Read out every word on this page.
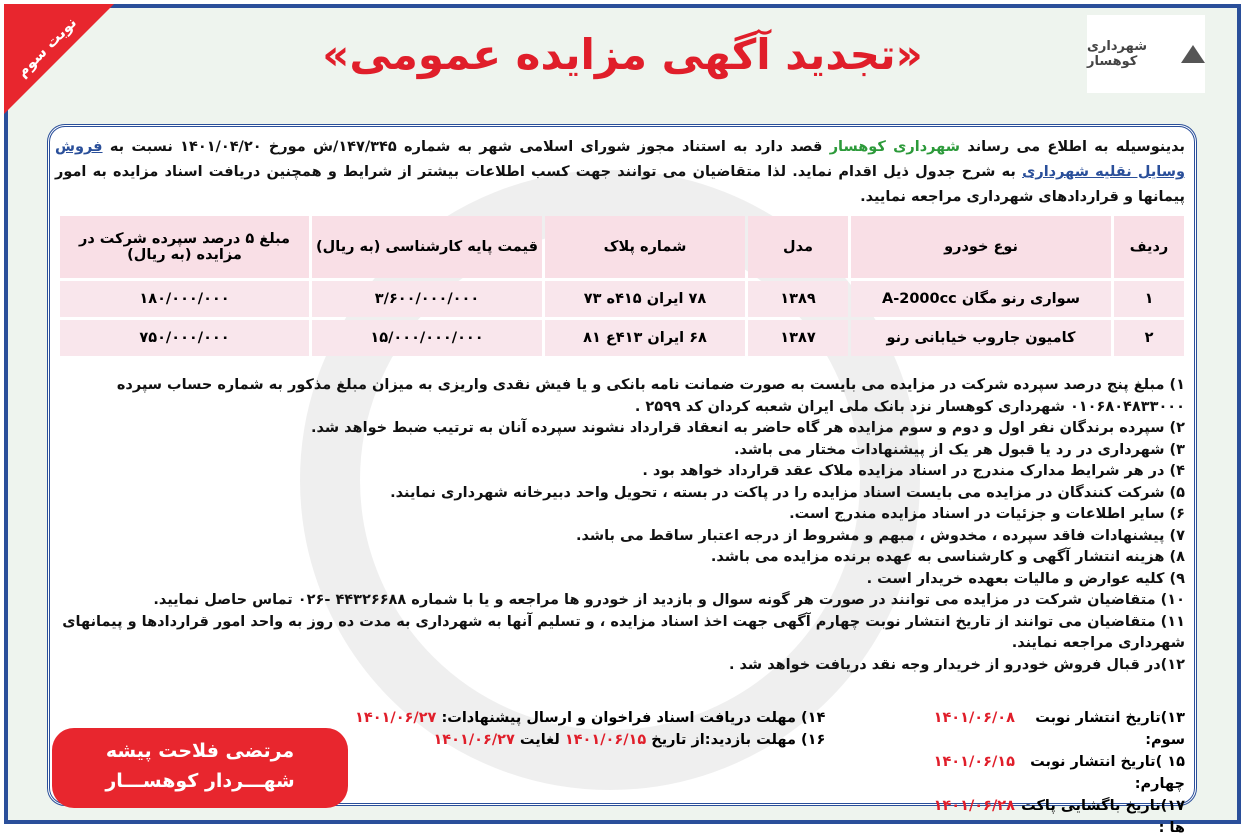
نوبت سوم	شهرداری کوهسار
«تجدید آگهی مزایده عمومی»
بدینوسیله به اطلاع می رساند شهرداری کوهسار قصد دارد به استناد مجوز شورای اسلامی شهر به شماره ۱۴۷/۳۴۵/ش مورخ ۱۴۰۱/۰۴/۲۰ نسبت به فروش وسایل نقلیه شهرداری به شرح جدول ذیل اقدام نماید. لذا متقاضیان می توانند جهت کسب اطلاعات بیشتر از شرایط و همچنین دریافت اسناد مزایده به امور پیمانها و قراردادهای شهرداری مراجعه نمایید.
ردیف	نوع خودرو	مدل	شماره پلاک	قیمت پایه کارشناسی (به ریال)	مبلغ ۵ درصد سپرده شرکت در مزایده (به ریال)
۱	سواری رنو مگان A-2000cc	۱۳۸۹	۷۸ ایران ۴۱۵ه ۷۳	۳/۶۰۰/۰۰۰/۰۰۰	۱۸۰/۰۰۰/۰۰۰
۲	کامیون جاروب خیابانی رنو	۱۳۸۷	۶۸ ایران ۴۱۳ع ۸۱	۱۵/۰۰۰/۰۰۰/۰۰۰	۷۵۰/۰۰۰/۰۰۰
۱) مبلغ پنج درصد سپرده شرکت در مزایده می بایست به صورت ضمانت نامه بانکی و یا فیش نقدی واریزی به میزان مبلغ مذکور به شماره حساب سپرده ۰۱۰۶۸۰۴۸۳۳۰۰۰ شهرداری کوهسار نزد بانک ملی ایران شعبه کردان کد ۲۵۹۹ .
۲) سپرده برندگان نفر اول و دوم و سوم مزایده هر گاه حاضر به انعقاد قرارداد نشوند سپرده آنان به ترتیب ضبط خواهد شد.
۳) شهرداری در رد یا قبول هر یک از پیشنهادات مختار می باشد.
۴) در هر شرایط مدارک مندرج در اسناد مزایده ملاک عقد قرارداد خواهد بود .
۵) شرکت کنندگان در مزایده می بایست اسناد مزایده را در پاکت در بسته ، تحویل واحد دبیرخانه شهرداری نمایند.
۶) سایر اطلاعات و جزئیات در اسناد مزایده مندرج است.
۷) پیشنهادات فاقد سپرده ، مخدوش ، مبهم و مشروط از درجه اعتبار ساقط می باشد.
۸) هزینه انتشار آگهی و کارشناسی به عهده برنده مزایده می باشد.
۹) کلیه عوارض و مالیات بعهده خریدار است .
۱۰) متقاضیان شرکت در مزایده می توانند در صورت هر گونه سوال و بازدید از خودرو ها مراجعه و یا با شماره ۴۴۳۲۶۶۸۸ -۰۲۶ تماس حاصل نمایید.
۱۱) متقاضیان می توانند از تاریخ انتشار نوبت چهارم آگهی جهت اخذ اسناد مزایده ، و تسلیم آنها به شهرداری به مدت ده روز به واحد امور قراردادها و پیمانهای شهرداری مراجعه نمایند.
۱۲)در قبال فروش خودرو از خریدار وجه نقد دریافت خواهد شد .
۱۳)تاریخ انتشار نوبت سوم:
۱۴۰۱/۰۶/۰۸
۱۵ )تاریخ انتشار نوبت چهارم:
۱۴۰۱/۰۶/۱۵
۱۷)تاریخ باگشایی پاکت ها :
۱۴۰۱/۰۶/۲۸
۱۴) مهلت دریافت اسناد فراخوان و ارسال پیشنهادات: ۱۴۰۱/۰۶/۲۷
۱۶) مهلت بازدید:از تاریخ ۱۴۰۱/۰۶/۱۵ لغایت ۱۴۰۱/۰۶/۲۷
مرتضی فلاحت پیشه
شهـــردار کوهســـار
